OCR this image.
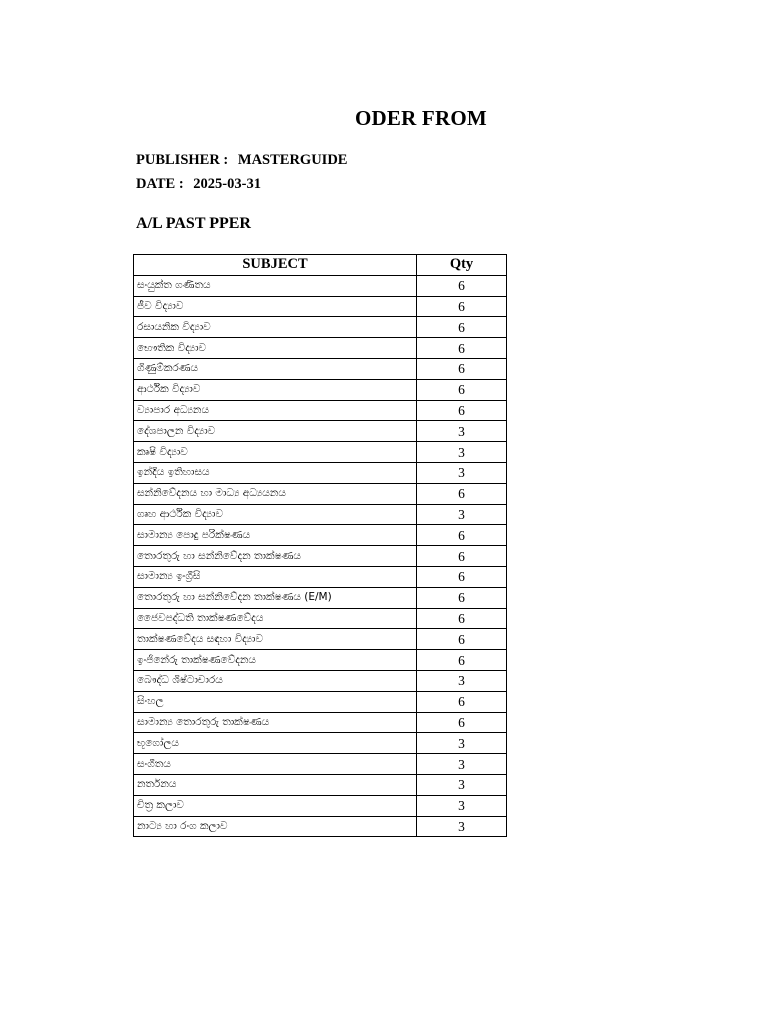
ODER FROM
PUBLISHER : MASTERGUIDE
DATE : 2025-03-31
A/L PAST PPER
SUBJECT	Qty
සංයුක්ත ගණිතය	6
ජීව විද්‍යාව	6
රසායනික විද්‍යාව	6
භෞතික විද්‍යාව	6
ගිණුම්කරණය	6
ආර්ථික විද්‍යාව	6
ව්‍යාපාර අධ්‍යනය	6
දේශපාලන විද්‍යාව	3
කෘෂි විද්‍යාව	3
ඉන්දිය ඉතිහාසය	3
සන්නිවේදනය හා මාධ්‍ය අධ්‍යයනය	6
ගෘහ ආර්ථික විද්‍යාව	3
සාමාන්‍ය පොදු පරික්ෂණය	6
තොරතුරු හා සන්නිවේදන තාක්ෂණය	6
සාමාන්‍ය ඉංග්‍රීසි	6
තොරතුරු හා සන්නිවේදන තාක්ෂණය (E/M)	6
ජෛවපද්ධති තාක්ෂණවේදය	6
තාක්ෂණවේදය සඳහා විද්‍යාව	6
ඉංජිනේරු තාක්ෂණවේදනය	6
බෞද්ධ ශිෂ්ටාචාරය	3
සිංහල	6
සාමාන්‍ය තොරතුරු තාක්ෂණය	6
භූගෝලය	3
සංගීතය	3
නර්තනය	3
චිත්‍ර කලාව	3
නාට්‍ය හා රංග කලාව	3
